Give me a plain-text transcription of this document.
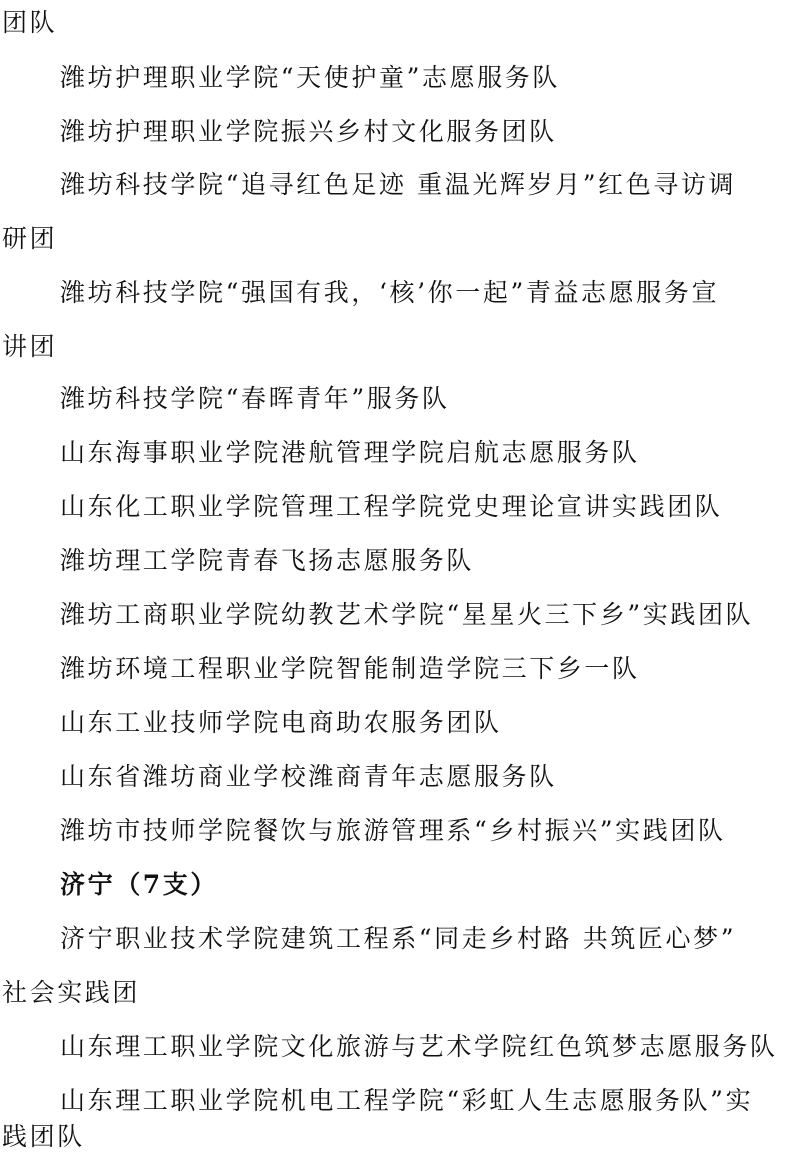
团队
潍坊护理职业学院“天使护童”志愿服务队
潍坊护理职业学院振兴乡村文化服务团队
潍坊科技学院“追寻红色足迹 重温光辉岁月”红色寻访调
研团
潍坊科技学院“强国有我，‘核’你一起”青益志愿服务宣
讲团
潍坊科技学院“春晖青年”服务队
山东海事职业学院港航管理学院启航志愿服务队
山东化工职业学院管理工程学院党史理论宣讲实践团队
潍坊理工学院青春飞扬志愿服务队
潍坊工商职业学院幼教艺术学院“星星火三下乡”实践团队
潍坊环境工程职业学院智能制造学院三下乡一队
山东工业技师学院电商助农服务团队
山东省潍坊商业学校潍商青年志愿服务队
潍坊市技师学院餐饮与旅游管理系“乡村振兴”实践团队
济宁（7支）
济宁职业技术学院建筑工程系“同走乡村路 共筑匠心梦”
社会实践团
山东理工职业学院文化旅游与艺术学院红色筑梦志愿服务队
山东理工职业学院机电工程学院“彩虹人生志愿服务队”实
践团队
